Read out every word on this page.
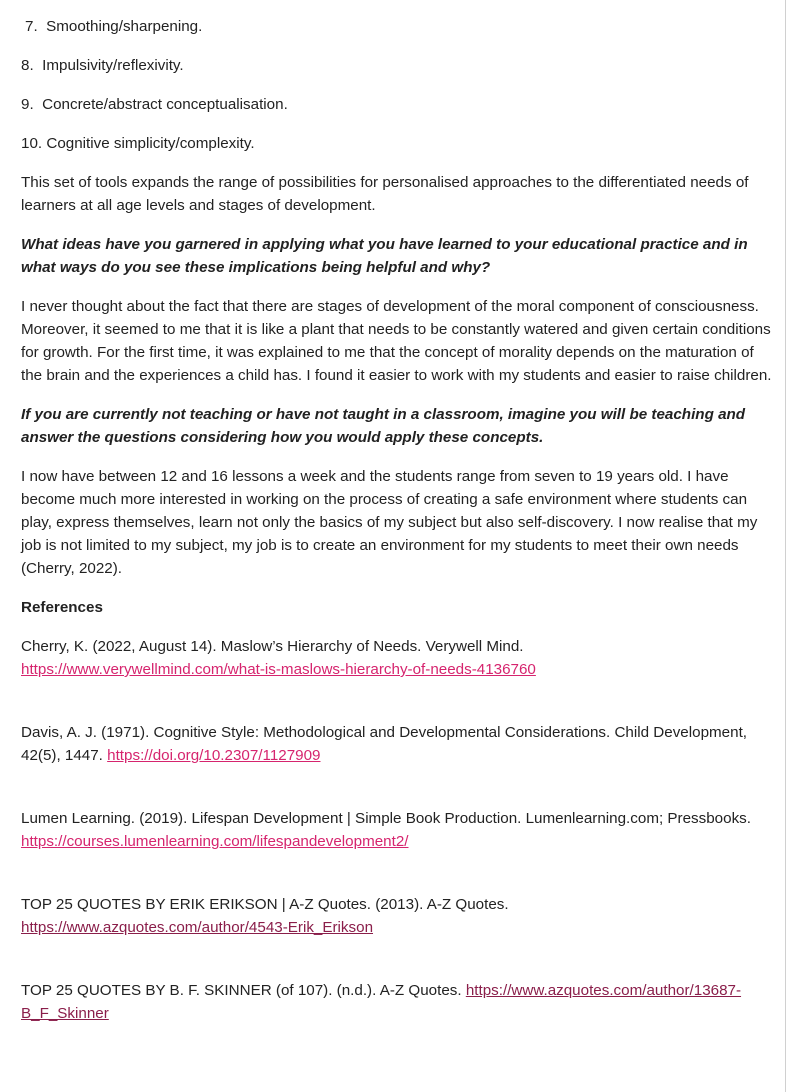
7. Smoothing/sharpening.

8. Impulsivity/reflexivity.

9. Concrete/abstract conceptualisation.

10. Cognitive simplicity/complexity.

This set of tools expands the range of possibilities for personalised approaches to the differentiated needs of learners at all age levels and stages of development.

What ideas have you garnered in applying what you have learned to your educational practice and in what ways do you see these implications being helpful and why?

I never thought about the fact that there are stages of development of the moral component of consciousness. Moreover, it seemed to me that it is like a plant that needs to be constantly watered and given certain conditions for growth. For the first time, it was explained to me that the concept of morality depends on the maturation of the brain and the experiences a child has. I found it easier to work with my students and easier to raise children.

If you are currently not teaching or have not taught in a classroom, imagine you will be teaching and answer the questions considering how you would apply these concepts.

I now have between 12 and 16 lessons a week and the students range from seven to 19 years old. I have become much more interested in working on the process of creating a safe environment where students can play, express themselves, learn not only the basics of my subject but also self-discovery. I now realise that my job is not limited to my subject, my job is to create an environment for my students to meet their own needs (Cherry, 2022).

References

Cherry, K. (2022, August 14). Maslow’s Hierarchy of Needs. Verywell Mind.
https://www.verywellmind.com/what-is-maslows-hierarchy-of-needs-4136760

Davis, A. J. (1971). Cognitive Style: Methodological and Developmental Considerations. Child Development, 42(5), 1447. https://doi.org/10.2307/1127909

Lumen Learning. (2019). Lifespan Development | Simple Book Production. Lumenlearning.com; Pressbooks. https://courses.lumenlearning.com/lifespandevelopment2/

TOP 25 QUOTES BY ERIK ERIKSON | A-Z Quotes. (2013). A-Z Quotes.
https://www.azquotes.com/author/4543-Erik_Erikson

TOP 25 QUOTES BY B. F. SKINNER (of 107). (n.d.). A-Z Quotes. https://www.azquotes.com/author/13687-B_F_Skinner
